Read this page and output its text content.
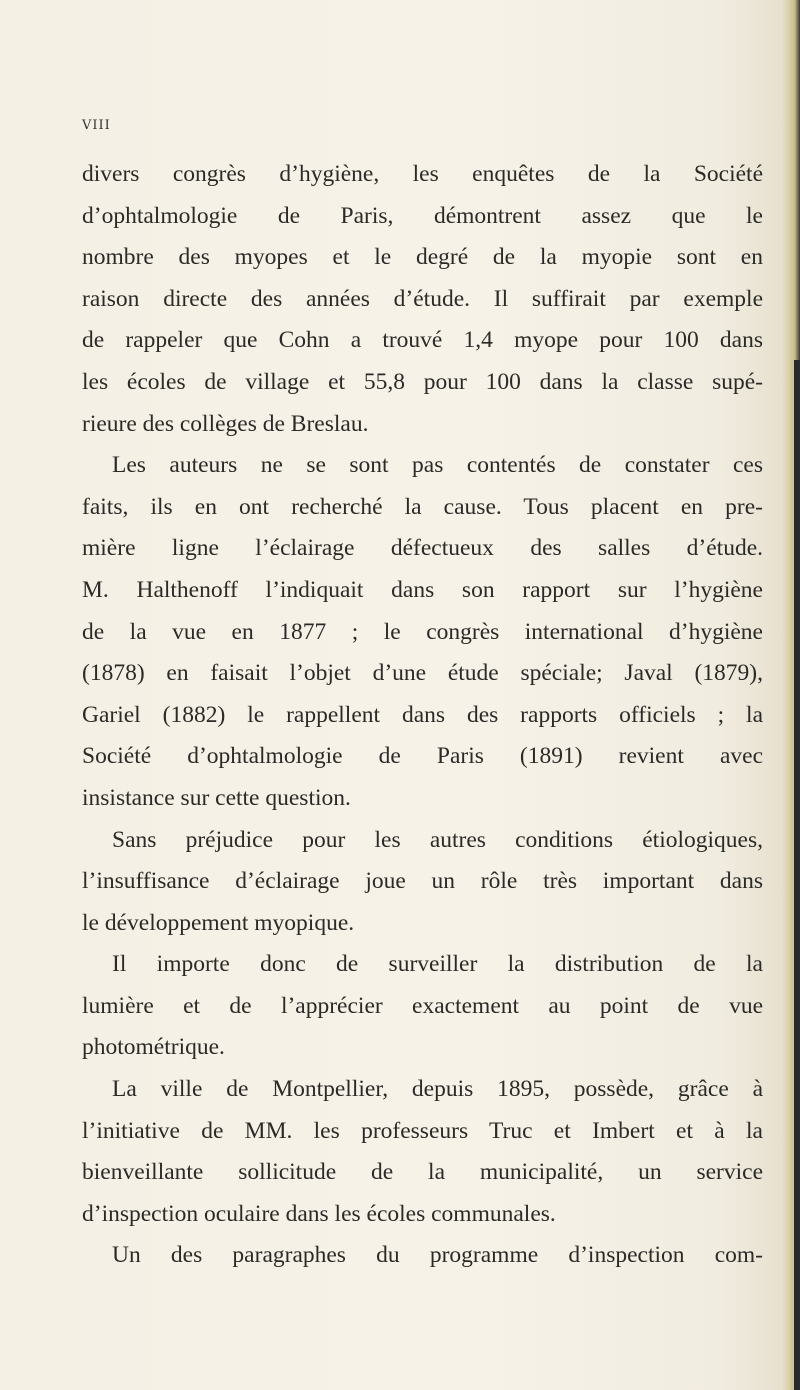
VIII
divers congrès d’hygiène, les enquêtes de la Société
d’ophtalmologie de Paris, démontrent assez que le
nombre des myopes et le degré de la myopie sont en
raison directe des années d’étude. Il suffirait par exemple
de rappeler que Cohn a trouvé 1,4 myope pour 100 dans
les écoles de village et 55,8 pour 100 dans la classe supé-
rieure des collèges de Breslau.
Les auteurs ne se sont pas contentés de constater ces
faits, ils en ont recherché la cause. Tous placent en pre-
mière ligne l’éclairage défectueux des salles d’étude.
M. Halthenoff l’indiquait dans son rapport sur l’hygiène
de la vue en 1877 ; le congrès international d’hygiène
(1878) en faisait l’objet d’une étude spéciale; Javal (1879),
Gariel (1882) le rappellent dans des rapports officiels ; la
Société d’ophtalmologie de Paris (1891) revient avec
insistance sur cette question.
Sans préjudice pour les autres conditions étiologiques,
l’insuffisance d’éclairage joue un rôle très important dans
le développement myopique.
Il importe donc de surveiller la distribution de la
lumière et de l’apprécier exactement au point de vue
photométrique.
La ville de Montpellier, depuis 1895, possède, grâce à
l’initiative de MM. les professeurs Truc et Imbert et à la
bienveillante sollicitude de la municipalité, un service
d’inspection oculaire dans les écoles communales.
Un des paragraphes du programme d’inspection com-
